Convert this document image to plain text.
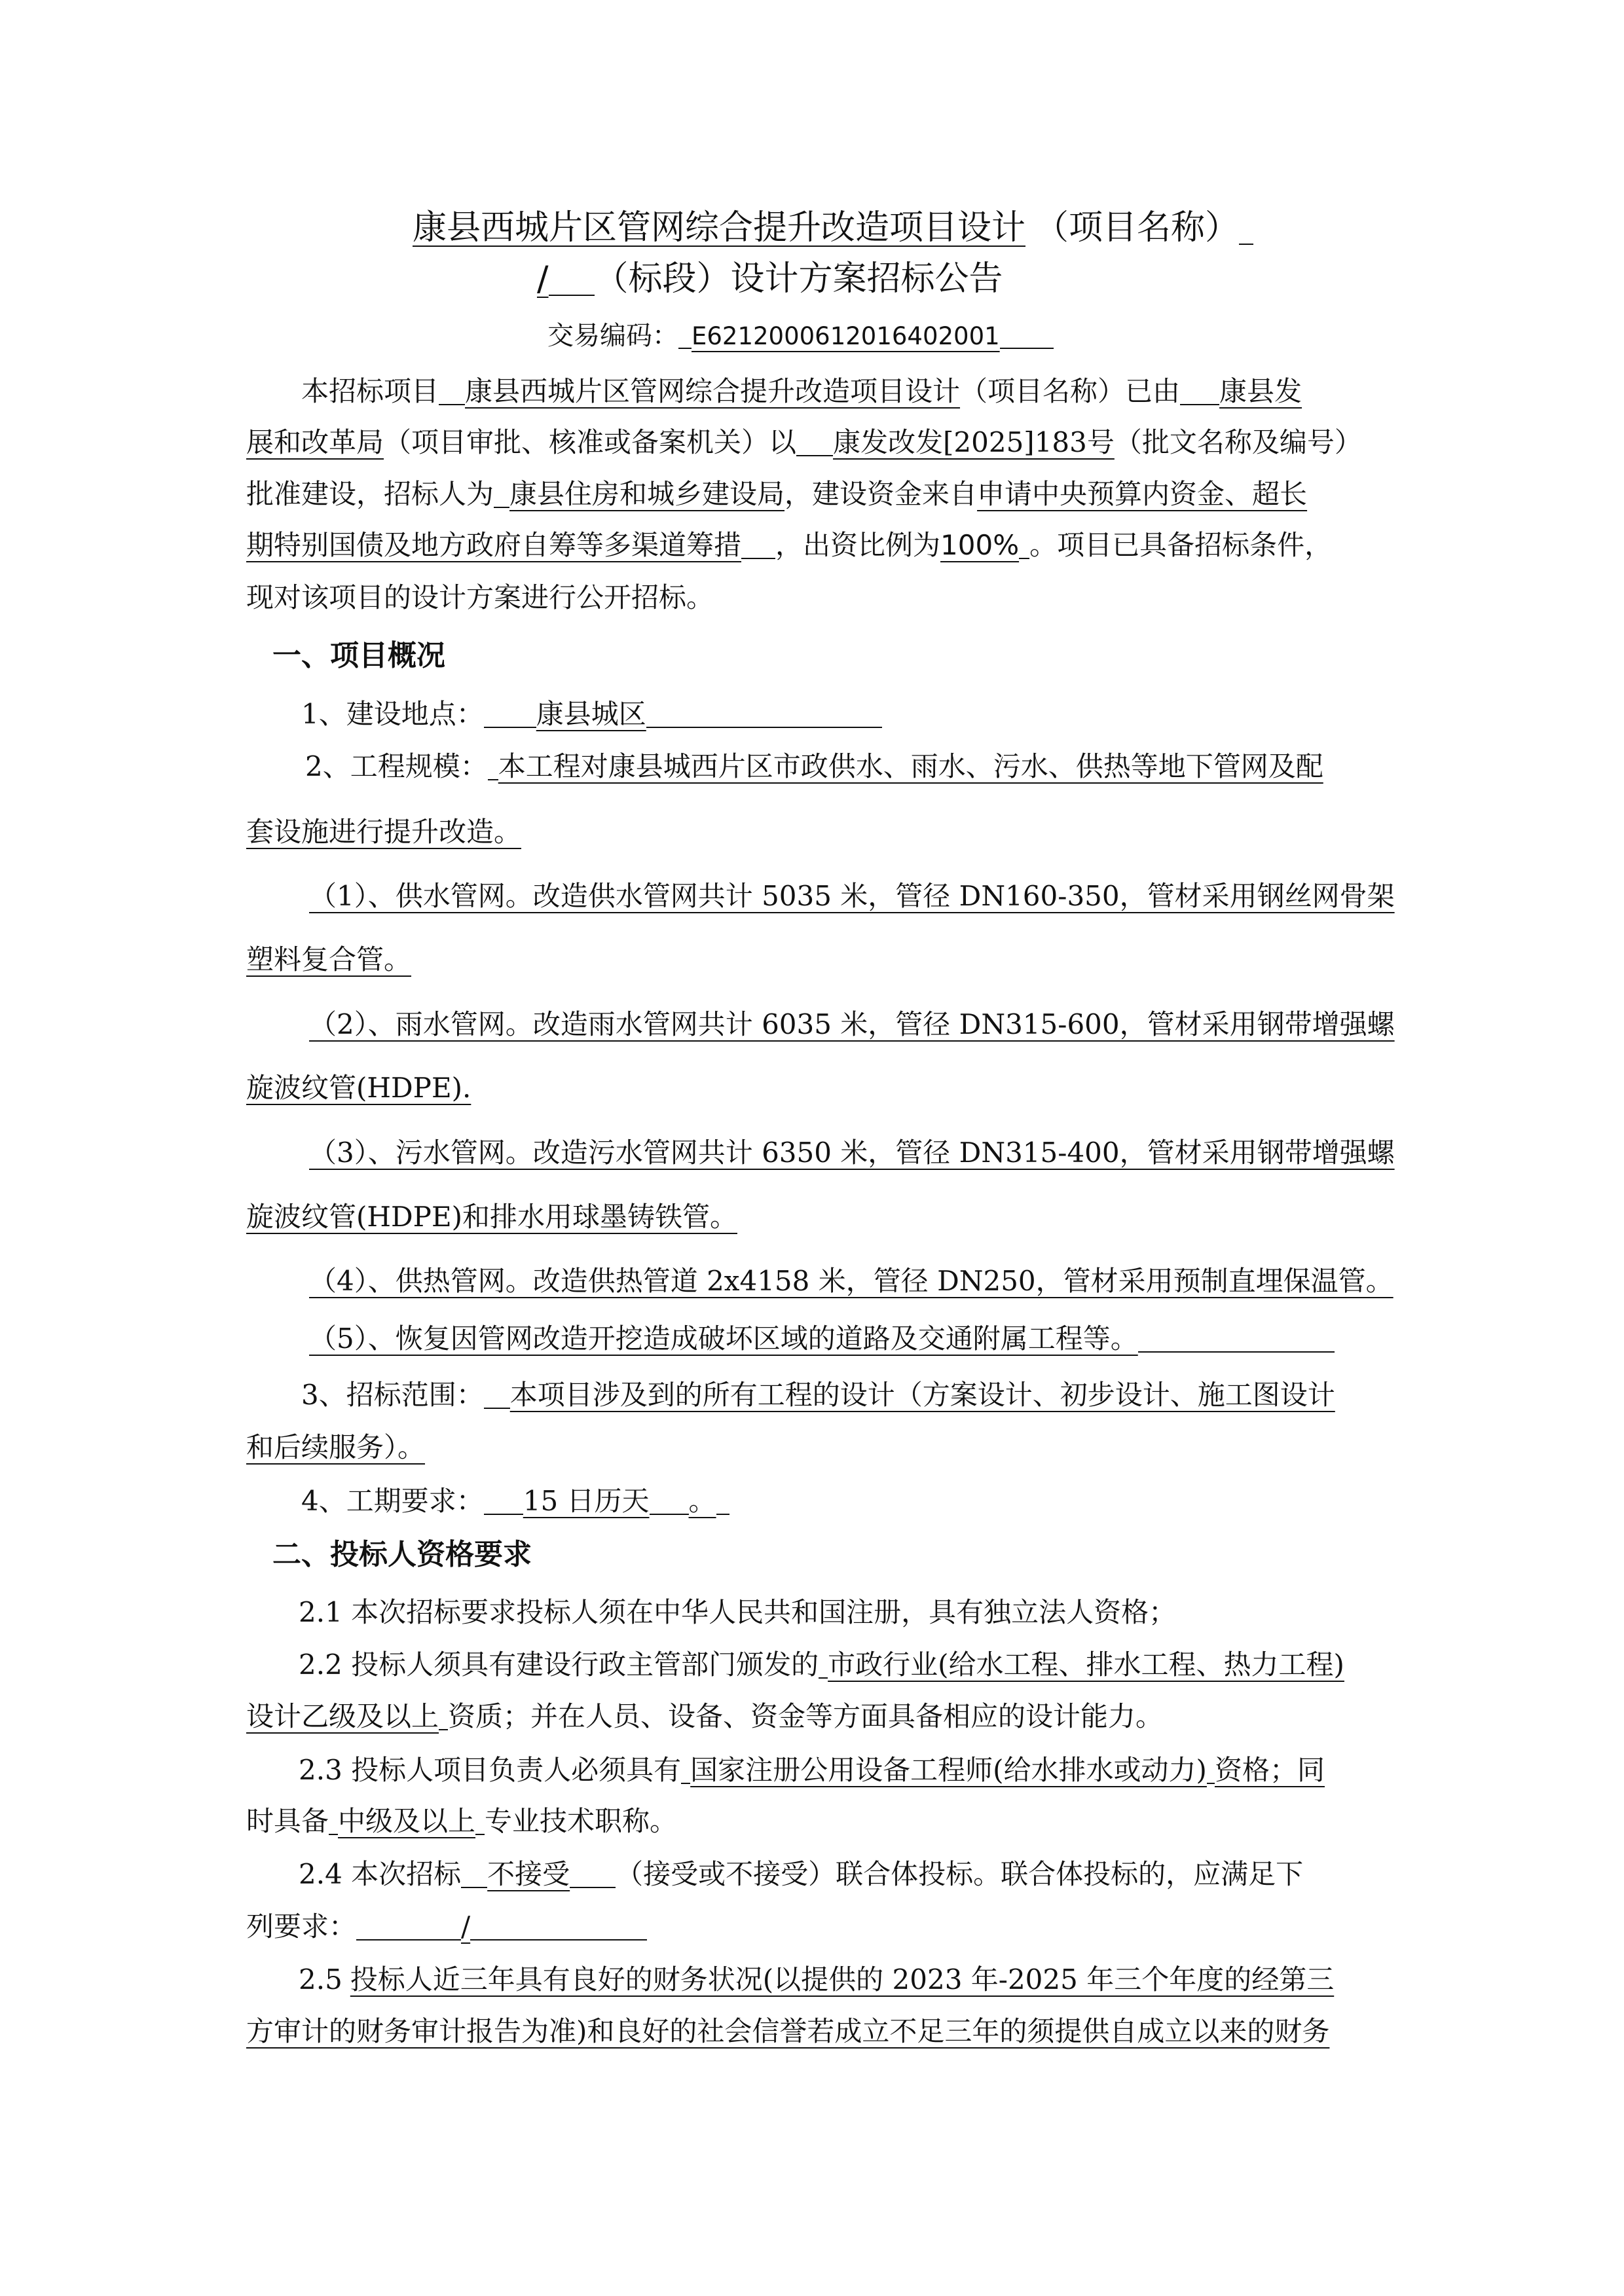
康县西城片区管网综合提升改造项目设计 （项目名称）
/ （标段）设计方案招标公告
交易编码： E6212000612016402001
本招标项目 康县西城片区管网综合提升改造项目设计（项目名称）已由 康县发
展和改革局（项目审批、核准或备案机关）以 康发改发[2025]183号（批文名称及编号）
批准建设，招标人为 康县住房和城乡建设局，建设资金来自申请中央预算内资金、超长
期特别国债及地方政府自筹等多渠道筹措 ，出资比例为100% 。项目已具备招标条件，
现对该项目的设计方案进行公开招标。
一、项目概况
1、建设地点： 康县城区
2、工程规模： 本工程对康县城西片区市政供水、雨水、污水、供热等地下管网及配
套设施进行提升改造。
（1）、供水管网。改造供水管网共计 5035 米，管径 DN160-350，管材采用钢丝网骨架
塑料复合管。
（2）、雨水管网。改造雨水管网共计 6035 米，管径 DN315-600，管材采用钢带增强螺
旋波纹管(HDPE).
（3）、污水管网。改造污水管网共计 6350 米，管径 DN315-400，管材采用钢带增强螺
旋波纹管(HDPE)和排水用球墨铸铁管。
（4）、供热管网。改造供热管道 2x4158 米，管径 DN250，管材采用预制直埋保温管。
（5）、恢复因管网改造开挖造成破坏区域的道路及交通附属工程等。
3、招标范围： 本项目涉及到的所有工程的设计（方案设计、初步设计、施工图设计
和后续服务）。
4、工期要求： 15 日历天 。
二、投标人资格要求
2.1 本次招标要求投标人须在中华人民共和国注册，具有独立法人资格；
2.2 投标人须具有建设行政主管部门颁发的 市政行业(给水工程、排水工程、热力工程)
设计乙级及以上 资质；并在人员、设备、资金等方面具备相应的设计能力。
2.3 投标人项目负责人必须具有 国家注册公用设备工程师(给水排水或动力) 资格；同
时具备 中级及以上 专业技术职称。
2.4 本次招标 不接受 （接受或不接受）联合体投标。联合体投标的，应满足下
列要求：	/
2.5 投标人近三年具有良好的财务状况(以提供的 2023 年-2025 年三个年度的经第三
方审计的财务审计报告为准)和良好的社会信誉若成立不足三年的须提供自成立以来的财务
